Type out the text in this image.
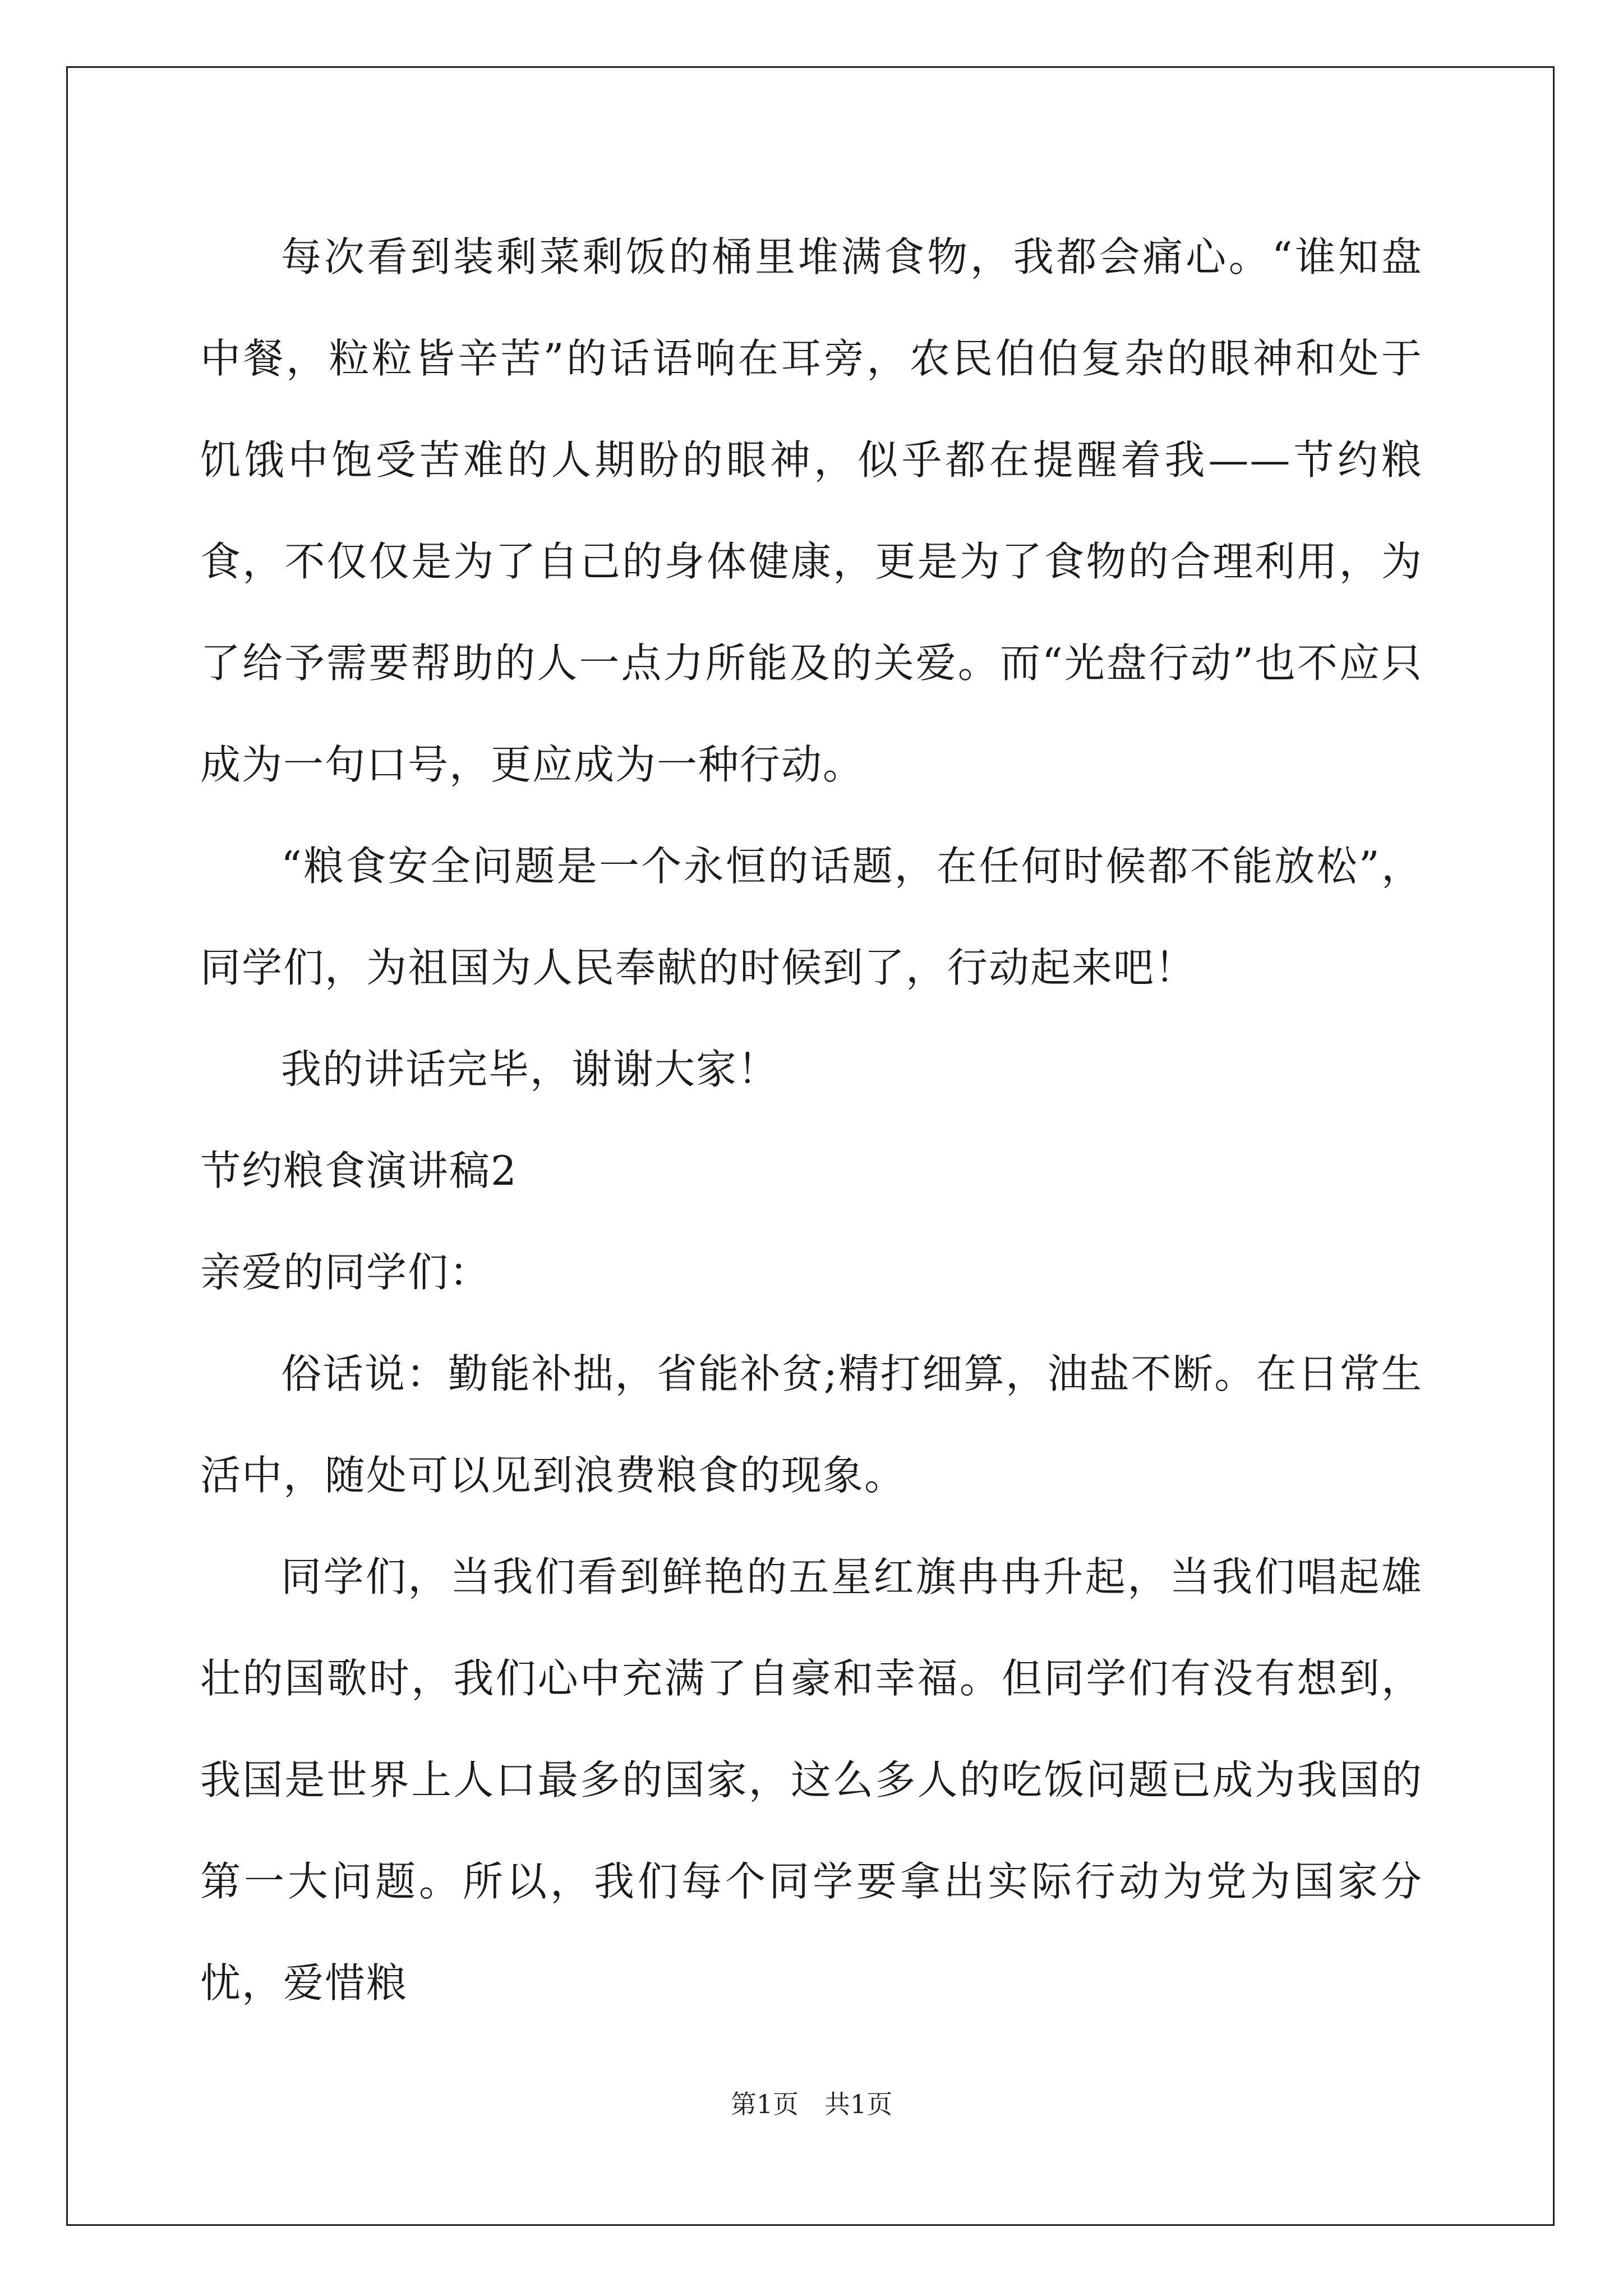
每次看到装剩菜剩饭的桶里堆满食物，我都会痛心。“谁知盘中餐，粒粒皆辛苦”的话语响在耳旁，农民伯伯复杂的眼神和处于饥饿中饱受苦难的人期盼的眼神，似乎都在提醒着我——节约粮食，不仅仅是为了自己的身体健康，更是为了食物的合理利用，为了给予需要帮助的人一点力所能及的关爱。而“光盘行动”也不应只成为一句口号，更应成为一种行动。

“粮食安全问题是一个永恒的话题，在任何时候都不能放松”，同学们，为祖国为人民奉献的时候到了，行动起来吧！

我的讲话完毕，谢谢大家！

节约粮食演讲稿2

亲爱的同学们：

俗话说：勤能补拙，省能补贫;精打细算，油盐不断。在日常生活中，随处可以见到浪费粮食的现象。

同学们，当我们看到鲜艳的五星红旗冉冉升起，当我们唱起雄壮的国歌时，我们心中充满了自豪和幸福。但同学们有没有想到，我国是世界上人口最多的国家，这么多人的吃饭问题已成为我国的第一大问题。所以，我们每个同学要拿出实际行动为党为国家分忧，爱惜粮

第1页　共1页
